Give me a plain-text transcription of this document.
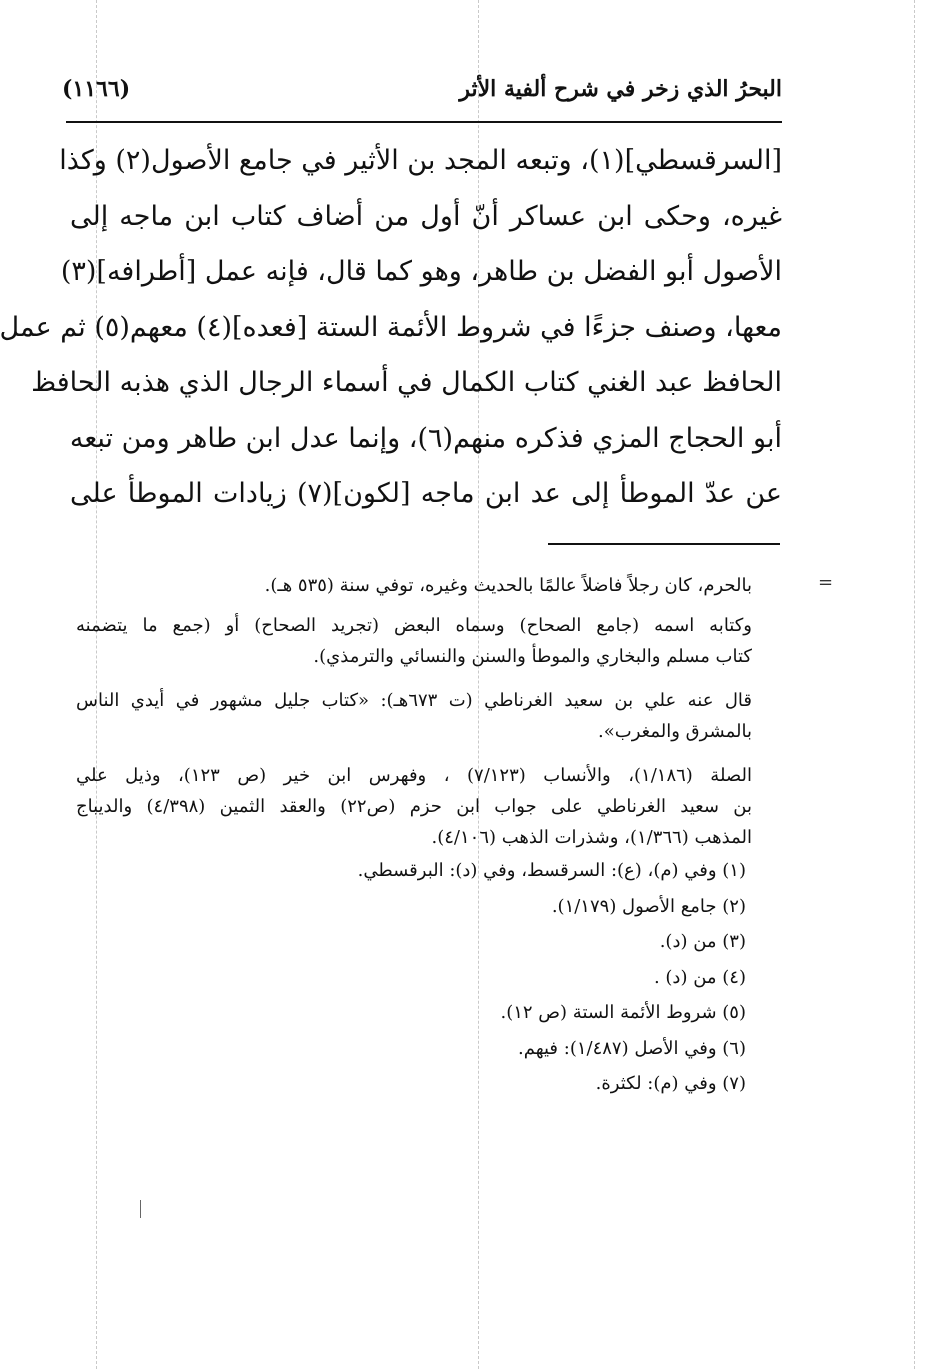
البحرُ الذي زخر في شرح ألفية الأثر
(١١٦٦)
[السرقسطي](١)، وتبعه المجد بن الأثير في جامع الأصول(٢) وكذا
غيره، وحكى ابن عساكر أنّ أول من أضاف كتاب ابن ماجه إلى
الأصول أبو الفضل بن طاهر، وهو كما قال، فإنه عمل [أطرافه](٣)
معها، وصنف جزءًا في شروط الأئمة الستة [فعده](٤) معهم(٥) ثم عمل
الحافظ عبد الغني كتاب الكمال في أسماء الرجال الذي هذبه الحافظ
أبو الحجاج المزي فذكره منهم(٦)، وإنما عدل ابن طاهر ومن تبعه
عن عدّ الموطأ إلى عد ابن ماجه [لكون](٧) زيادات الموطأ على
=
بالحرم، كان رجلاً فاضلاً عالمًا بالحديث وغيره، توفي سنة (٥٣٥ هـ).
وكتابه اسمه (جامع الصحاح) وسماه البعض (تجريد الصحاح) أو (جمع ما يتضمنه
كتاب مسلم والبخاري والموطأ والسنن والنسائي والترمذي).
قال عنه علي بن سعيد الغرناطي (ت ٦٧٣هـ): «كتاب جليل مشهور في أيدي الناس
بالمشرق والمغرب».
الصلة (١/١٨٦)، والأنساب (٧/١٢٣) ، وفهرس ابن خير (ص ١٢٣)، وذيل علي
بن سعيد الغرناطي على جواب ابن حزم (ص٢٢) والعقد الثمين (٤/٣٩٨) والديباج
المذهب (١/٣٦٦)، وشذرات الذهب (٤/١٠٦).
(١) وفي (م)، (ع): السرقسط، وفي (د): البرقسطي.
(٢) جامع الأصول (١/١٧٩).
(٣) من (د).
(٤) من (د) .
(٥) شروط الأئمة الستة (ص ١٢).
(٦) وفي الأصل (١/٤٨٧): فيهم.
(٧) وفي (م): لكثرة.
